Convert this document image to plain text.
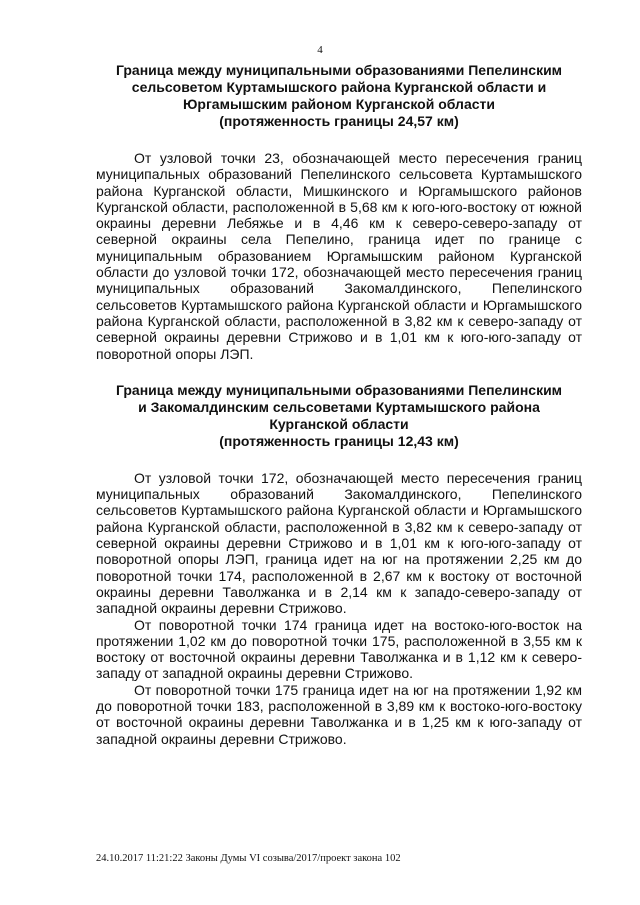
4
Граница между муниципальными образованиями Пепелинским
сельсоветом Куртамышского района Курганской области и
Юргамышским районом Курганской области
(протяженность границы 24,57 км)

От узловой точки 23, обозначающей место пересечения границ муниципальных образований Пепелинского сельсовета Куртамышского района Курганской области, Мишкинского и Юргамышского районов Курганской области, расположенной в 5,68 км к юго-юго-востоку от южной окраины деревни Лебяжье и в 4,46 км к северо-северо-западу от северной окраины села Пепелино, граница идет по границе с муниципальным образованием Юргамышским районом Курганской области до узловой точки 172, обозначающей место пересечения границ муниципальных образований Закомалдинского, Пепелинского сельсоветов Куртамышского района Курганской области и Юргамышского района Курганской области, расположенной в 3,82 км к северо-западу от северной окраины деревни Стрижово и в 1,01 км к юго-юго-западу от поворотной опоры ЛЭП.

Граница между муниципальными образованиями Пепелинским
и Закомалдинским сельсоветами Куртамышского района
Курганской области
(протяженность границы 12,43 км)

От узловой точки 172, обозначающей место пересечения границ муниципальных образований Закомалдинского, Пепелинского сельсоветов Куртамышского района Курганской области и Юргамышского района Курганской области, расположенной в 3,82 км к северо-западу от северной окраины деревни Стрижово и в 1,01 км к юго-юго-западу от поворотной опоры ЛЭП, граница идет на юг на протяжении 2,25 км до поворотной точки 174, расположенной в 2,67 км к востоку от восточной окраины деревни Таволжанка и в 2,14 км к западо-северо-западу от западной окраины деревни Стрижово.

От поворотной точки 174 граница идет на востоко-юго-восток на протяжении 1,02 км до поворотной точки 175, расположенной в 3,55 км к востоку от восточной окраины деревни Таволжанка и в 1,12 км к северо-западу от западной окраины деревни Стрижово.

От поворотной точки 175 граница идет на юг на протяжении 1,92 км до поворотной точки 183, расположенной в 3,89 км к востоко-юго-востоку от восточной окраины деревни Таволжанка и в 1,25 км к юго-западу от западной окраины деревни Стрижово.

24.10.2017 11:21:22 Законы Думы VI созыва/2017/проект закона 102
